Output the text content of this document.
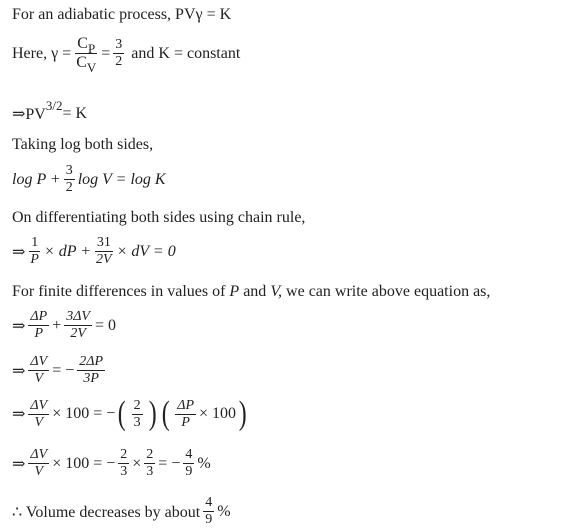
For an adiabatic process, PVγ = K
Here, $\gamma = \frac{C_P}{C_V} = \frac{3}{2}$ and K = constant
⇒PV
3/2 = K
Taking log both sides,
$\log P + \frac{3}{2}$ log V = log K
On differentiating both sides using chain rule,
⇒ $\frac{1}{P}$ × dP + $\frac{31}{2V}$ × dV = 0
For finite differences in values of
P
and
V,
we can write above equation as,
⇒ $\frac{\Delta P}{P} + \frac{3\Delta V}{2V} = 0$
⇒ $\frac{\Delta V}{V}$ = − $\frac{2\Delta P}{3P}$
⇒ $\frac{\Delta V}{V} \times 100$ = − ( $\frac{2}{3}$ ) ( $\frac{\Delta P}{P} \times 100$ )
⇒ $\frac{\Delta V}{V} \times 100$ = − $\frac{2}{3} \times \frac{2}{3}$ = − $\frac{4}{9}$ %
∴ Volume decreases by about $\frac{4}{9}$ %
